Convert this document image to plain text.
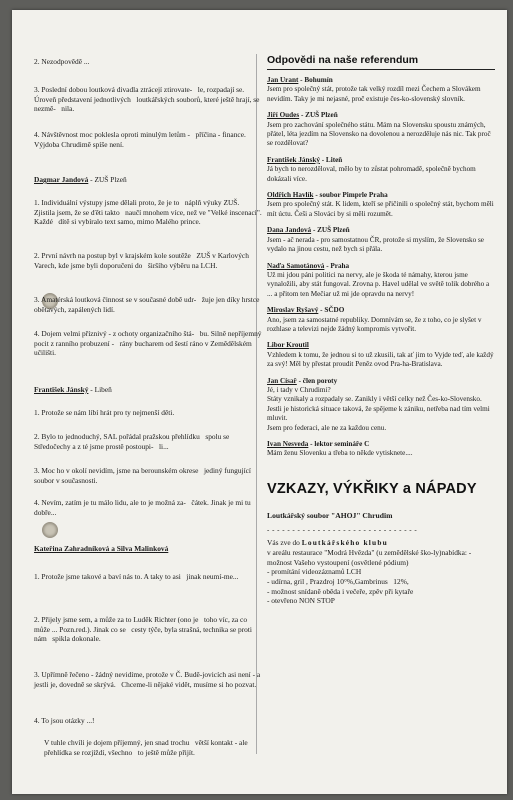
2. Nezodpovědě ...

3. Poslední dobou loutková divadla ztrácejí ztirovate-   le, rozpadají se. Úroveň představení jednotlivých   loutkářských souborů, které ještě hrají, se nezmě-   nila.

4. Návštěvnost moc poklesla oproti minulým letům -   příčina - finance. Výjdoba Chrudimě spíše není.

Dagmar Jandová - ZUŠ Plzeň

1. Individuální výstupy jsme dělali proto, že je to   náplň výuky ZUŠ. Zjistila jsem, že se ďěti takto   naučí mnohem více, než ve "Velké inscenaci". Každé   dítě si vybíralo text samo, mimo Malého prince.

2. První návrh na postup byl v krajském kole soutěže   ZUŠ v Karlových Varech, kde jsme byli doporučeni do   širšího výběru na LCH.

3. Amatérská loutková činnost se v současné době udr-   žuje jen díky hrstce obětavých, zapálených lidí.

4. Dojem velmi příznivý - z ochoty organizačního štá-   bu. Silně nepříjemný pocit z ranního probuzení -   rány bucharem od šestí ráno v Zemědělském učilišti.

František Jánský - Libeň

1. Protože se nám líbí hrát pro ty nejmenší děti.

2. Bylo to jednoduchý, SAL pořádal pražskou přehlídku   spolu se Středočechy a z té jsme prostě postoupi-   li...

3. Moc ho v okolí nevidím, jsme na berounském okrese   jediný fungující soubor v současnosti.

4. Nevím, zatím je tu málo lidu, ale to je možná za-   čátek. Jinak je mi tu dobře...

Kateřina Zahradníková a Silva Malinková

1. Protože jsme takové a baví nás to. A taky to asi   jinak neumí-me...

2. Přijely jsme sem, a může za to Luděk Richter (ono je   toho víc, za co může ... Pozn.red.). Jinak co se   cesty týče, byla strašná, technika se proti nám   spikla dokonale.

3. Upřímně řečeno - žádný nevidíme, protože v Č. Budě-jovicích asi není - a jestli je, dovedně se skrývá.   Chceme-li nějaké vidět, musíme si ho pozvat.

4. To jsou otázky ...!

V tuhle chvíli je dojem příjemný, jen snad trochu   větší kontakt - ale přehlídka se rozjíždí, všechno   to ještě může přijít.

Odpovědi na naše referendum

Jan Urant - Bohumín

Jsem pro společný stát, protože tak velký rozdíl mezi Čechem a Slovákem nevidím. Taky je mi nejasné, proč existuje čes-ko-slovenský slovník.

Jiří Oudes - ZUŠ Plzeň

Jsem pro zachování společného státu. Mám na Slovensku spoustu známých, přátel, léta jezdím na Slovensko na dovolenou a nerozděluje nás nic. Tak proč se rozdělovat?

František Jánský - Liteň

Já bych to nerozděloval, mělo by to zůstat pohromadě, společně bychom dokázali více.

Oldřich Havlík - soubor Pimprle Praha

Jsem pro společný stát. K lidem, kteří se přičinili o společný stát, bychom měli mít úctu. Češi a Slováci by si měli rozumět.

Dana Jandová - ZUŠ Plzeň

Jsem - ač nerada - pro samostatnou ČR, protože si myslím, že Slovensko se vydalo na jinou cestu, než bych si přála.

Naďa Samotánová - Praha

Už mi jdou páni politici na nervy, ale je škoda té námahy, kterou jsme vynaložili, aby stát fungoval. Zrovna p. Havel udělal ve světě tolik dobrého a ... a přitom ten Mečiar už mi jde opravdu na nervy!

Miroslav Ryšavý - SČDO

Ano, jsem za samostatné republiky. Domnívám se, že z toho, co je slyšet v rozhlase a televizi nejde žádný kompromis vytvořit.

Libor Kroutil

Vzhledem k tomu, že jednou si to už zkusili, tak ať jim to Vyjde teď, ale každý za svý! Měl by přestat proudit Peněz ovod Pra-ha-Bratislava.

Jan Císař - člen poroty

Jé, i tady v Chrudimi?
Státy vznikaly a rozpadaly se. Zanikly i větší celky než Čes-ko-Slovensko. Jestli je historická situace taková, že spějeme k zániku, netřeba nad tím velmi mluvit.
Jsem pro federaci, ale ne za každou cenu.

Ivan Nesveda - lektor semináře C

Mám ženu Slovenku a třeba to někde vytisknete....

VZKAZY, VÝKŘIKY a NÁPADY

Loutkářský soubor "AHOJ" Chrudim

- - - - - - - - - - - - - - - - - - - - - - - - - - - - - -

Vás zve do Loutkářského klubu

v areálu restaurace "Modrá Hvězda" (u zemědělské ško-ly)nabídka: - možnost Vašeho vystoupení (osvětlené pódium)

- promítání videozáznamů LCH

- udírna, gril , Prazdroj 10°%,Gambrinus   12%,

- možnost snídaně oběda i večeře, zpěv při kytaře

- otevřeno NON STOP
